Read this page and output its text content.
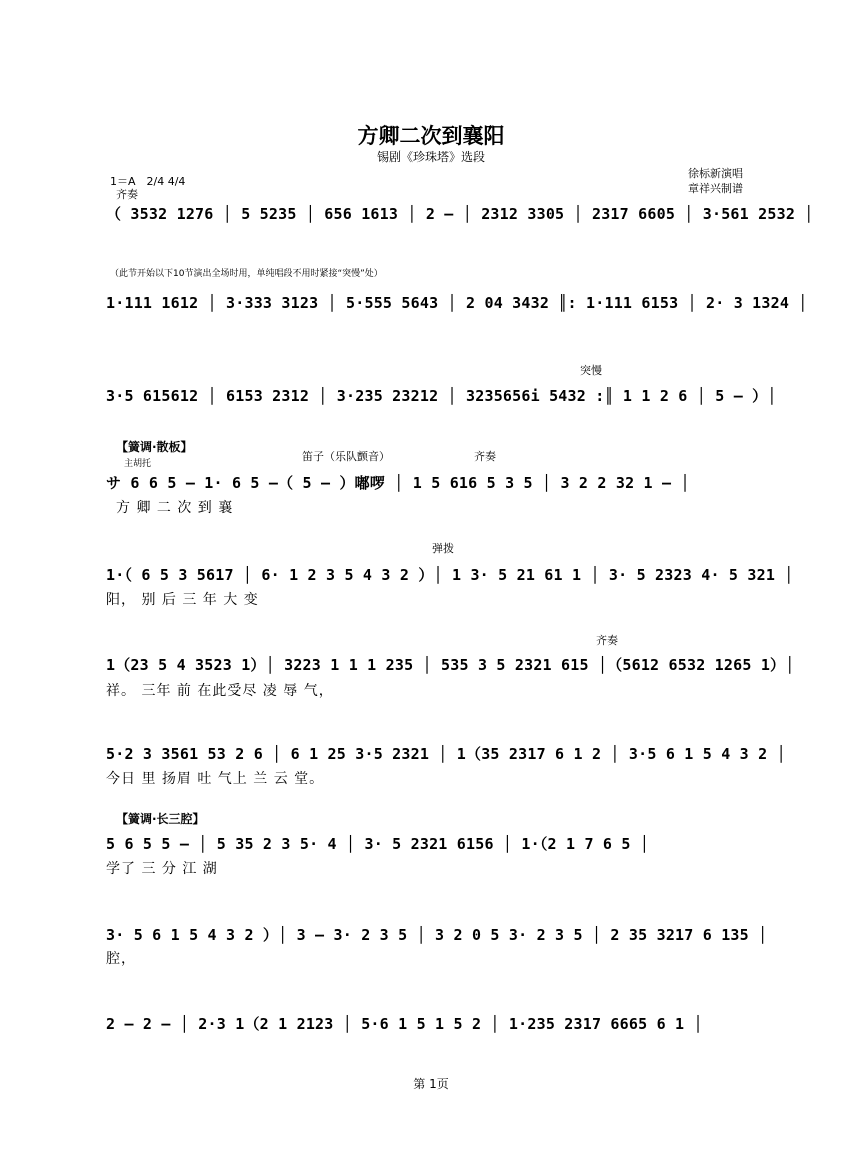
方卿二次到襄阳
锡剧《珍珠塔》选段
1＝A　2/4 4/4
齐奏
徐标新演唱
章祥兴制谱
（ 3532 1276 │ 5 5235 │ 656 1613 │ 2 – │ 2312 3305 │ 2317 6605 │ 3·561 2532 │
（此节开始以下10节演出全场时用，单纯唱段不用时紧接“突慢”处）
1·111 1612 │ 3·333 3123 │ 5·555 5643 │ 2 04 3432 ║: 1·111 6153 │ 2· 3 1324 │
突慢
3·5 615612 │ 6153 2312 │ 3·235 23212 │ 3235656i 5432 :║ 1 1 2 6 │ 5 – ）│
【簧调·散板】
主胡托
笛子（乐队颤音）	齐奏
サ 6 6 5 – 1· 6 5 –（ 5 – ）嘟啰 │ 1 5 616 5 3 5 │ 3 2 2 32 1 – │
方 卿 二 次 到 襄
弹拨
1·（ 6 5 3 5617 │ 6· 1 2 3 5 4 3 2 ）│ 1 3· 5 21 61 1 │ 3· 5 2323 4· 5 321 │
阳， 别 后 三 年 大 变
齐奏
1（23 5 4 3523 1）│ 3223 1 1 1 235 │ 535 3 5 2321 615 │（5612 6532 1265 1）│
祥。 三年 前 在此受尽 凌 辱 气，
5·2 3 3561 53 2 6 │ 6 1 25 3·5 2321 │ 1（35 2317 6 1 2 │ 3·5 6 1 5 4 3 2 │
今日 里 扬眉 吐 气上 兰 云 堂。
【簧调·长三腔】
5 6 5 5 – │ 5 35 2 3 5· 4 │ 3· 5 2321 6156 │ 1·（2 1 7 6 5 │
学了 三 分 江 湖
3· 5 6 1 5 4 3 2 ）│ 3 – 3· 2 3 5 │ 3 2 0 5 3· 2 3 5 │ 2 35 3217 6 135 │
腔，
2 – 2 – │ 2·3 1（2 1 2123 │ 5·6 1 5 1 5 2 │ 1·235 2317 6665 6 1 │
第 1页
